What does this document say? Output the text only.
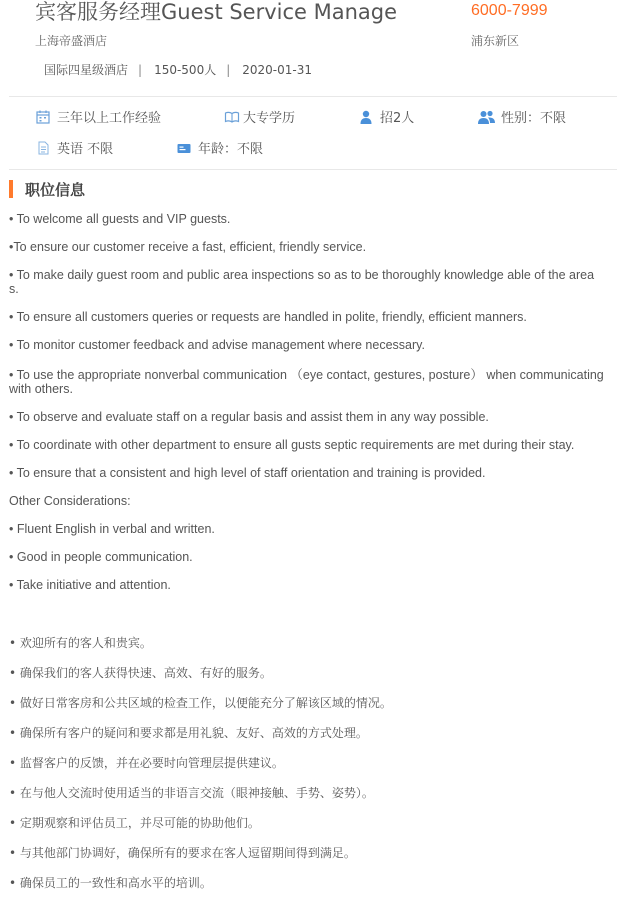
宾客服务经理Guest Service Manage	6000-7999
上海帝盛酒店	浦东新区
国际四星级酒店 | 150-500人 | 2020-01-31
三年以上工作经验	大专学历	招2人	性别：不限
英语 不限	年龄：不限
职位信息

• To welcome all guests and VIP guests.

•To ensure our customer receive a fast, efficient, friendly service.

• To make daily guest room and public area inspections so as to be thoroughly knowledge able of the area

s.

• To ensure all customers queries or requests are handled in polite, friendly, efficient manners.

• To monitor customer feedback and advise management where necessary.

• To use the appropriate nonverbal communication （eye contact, gestures, posture） when communicating

with others.

• To observe and evaluate staff on a regular basis and assist them in any way possible.

• To coordinate with other department to ensure all gusts septic requirements are met during their stay.

• To ensure that a consistent and high level of staff orientation and training is provided.

Other Considerations:

• Fluent English in verbal and written.

• Good in people communication.

• Take initiative and attention.

• 欢迎所有的客人和贵宾。

• 确保我们的客人获得快速、高效、有好的服务。

• 做好日常客房和公共区域的检查工作，以便能充分了解该区域的情况。

• 确保所有客户的疑问和要求都是用礼貌、友好、高效的方式处理。

• 监督客户的反馈，并在必要时向管理层提供建议。

• 在与他人交流时使用适当的非语言交流（眼神接触、手势、姿势）。

• 定期观察和评估员工，并尽可能的协助他们。

• 与其他部门协调好，确保所有的要求在客人逗留期间得到满足。

• 确保员工的一致性和高水平的培训。
